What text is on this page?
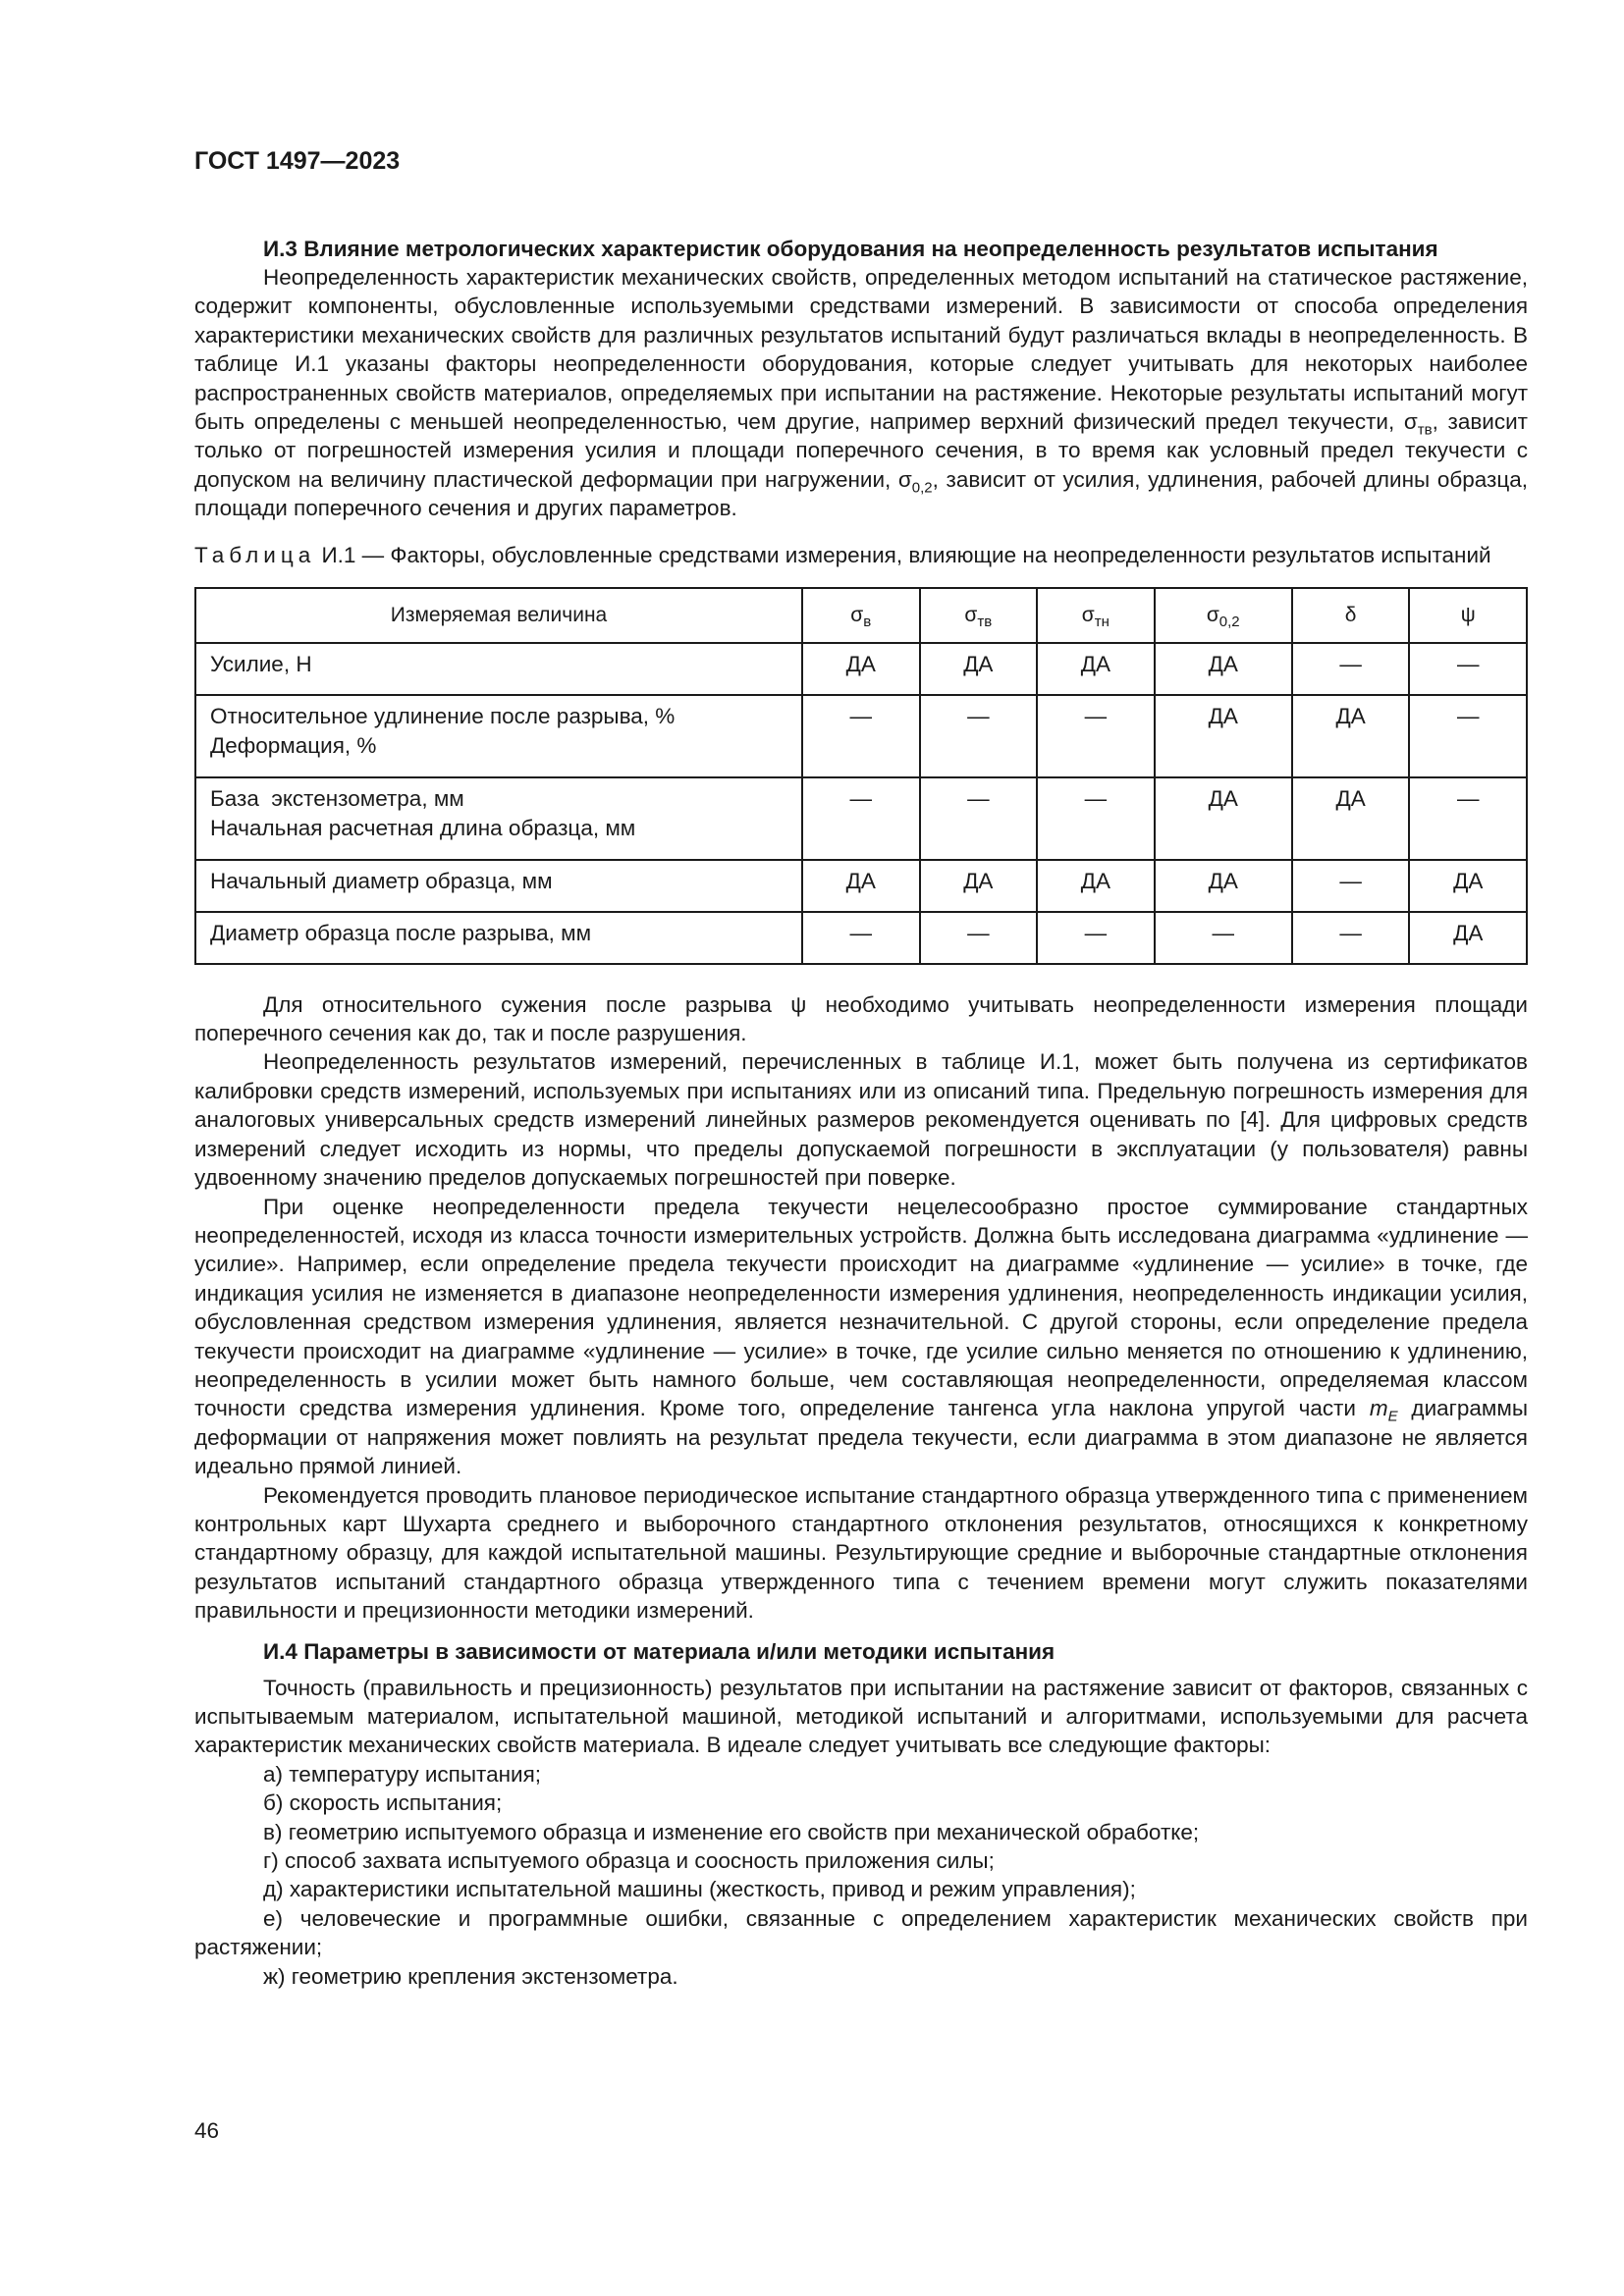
ГОСТ 1497—2023
И.3 Влияние метрологических характеристик оборудования на неопределенность результатов испытания

Неопределенность характеристик механических свойств, определенных методом испытаний на статическое растяжение, содержит компоненты, обусловленные используемыми средствами измерений. В зависимости от способа определения характеристики механических свойств для различных результатов испытаний будут различаться вклады в неопределенность. В таблице И.1 указаны факторы неопределенности оборудования, которые следует учитывать для некоторых наиболее распространенных свойств материалов, определяемых при испытании на растяжение. Некоторые результаты испытаний могут быть определены с меньшей неопределенностью, чем другие, например верхний физический предел текучести, $\sigma_{тв}$, зависит только от погрешностей измерения усилия и площади поперечного сечения, в то время как условный предел текучести с допуском на величину пластической деформации при нагружении, $\sigma_{0,2}$, зависит от усилия, удлинения, рабочей длины образца, площади поперечного сечения и других параметров.

Таблица И.1 — Факторы, обусловленные средствами измерения, влияющие на неопределенности результатов испытаний
Измеряемая величина	$\sigma_в$	$\sigma_{тв}$	$\sigma_{тн}$	$\sigma_{0,2}$	δ	ψ
Усилие, Н	ДА	ДА	ДА	ДА	—	—

Относительное удлинение после разрыва, %
Деформация, %	—	—	—	ДА	ДА	—

База  экстензометра, мм
Начальная расчетная длина образца, мм	—	—	—	ДА	ДА	—
Начальный диаметр образца, мм	ДА	ДА	ДА	ДА	—	ДА
Диаметр образца после разрыва, мм	—	—	—	—	—	ДА

Для относительного сужения после разрыва ψ необходимо учитывать неопределенности измерения площади поперечного сечения как до, так и после разрушения.

Неопределенность результатов измерений, перечисленных в таблице И.1, может быть получена из сертификатов калибровки средств измерений, используемых при испытаниях или из описаний типа. Предельную погрешность измерения для аналоговых универсальных средств измерений линейных размеров рекомендуется оценивать по [4]. Для цифровых средств измерений следует исходить из нормы, что пределы допускаемой погрешности в эксплуатации (у пользователя) равны удвоенному значению пределов допускаемых погрешностей при поверке.

При оценке неопределенности предела текучести нецелесообразно простое суммирование стандартных неопределенностей, исходя из класса точности измерительных устройств. Должна быть исследована диаграмма «удлинение — усилие». Например, если определение предела текучести происходит на диаграмме «удлинение — усилие» в точке, где индикация усилия не изменяется в диапазоне неопределенности измерения удлинения, неопределенность индикации усилия, обусловленная средством измерения удлинения, является незначительной. С другой стороны, если определение предела текучести происходит на диаграмме «удлинение — усилие» в точке, где усилие сильно меняется по отношению к удлинению, неопределенность в усилии может быть намного больше, чем составляющая неопределенности, определяемая классом точности средства измерения удлинения. Кроме того, определение тангенса угла наклона упругой части $m_E$ диаграммы деформации от напряжения может повлиять на результат предела текучести, если диаграмма в этом диапазоне не является идеально прямой линией.

Рекомендуется проводить плановое периодическое испытание стандартного образца утвержденного типа с применением контрольных карт Шухарта среднего и выборочного стандартного отклонения результатов, относящихся к конкретному стандартному образцу, для каждой испытательной машины. Результирующие средние и выборочные стандартные отклонения результатов испытаний стандартного образца утвержденного типа с течением времени могут служить показателями правильности и прецизионности методики измерений.

И.4 Параметры в зависимости от материала и/или методики испытания

Точность (правильность и прецизионность) результатов при испытании на растяжение зависит от факторов, связанных с испытываемым материалом, испытательной машиной, методикой испытаний и алгоритмами, используемыми для расчета характеристик механических свойств материала. В идеале следует учитывать все следующие факторы:

а) температуру испытания;

б) скорость испытания;

в) геометрию испытуемого образца и изменение его свойств при механической обработке;

г) способ захвата испытуемого образца и соосность приложения силы;

д) характеристики испытательной машины (жесткость, привод и режим управления);

е) человеческие и программные ошибки, связанные с определением характеристик механических свойств при растяжении;

ж) геометрию крепления экстензометра.

46
